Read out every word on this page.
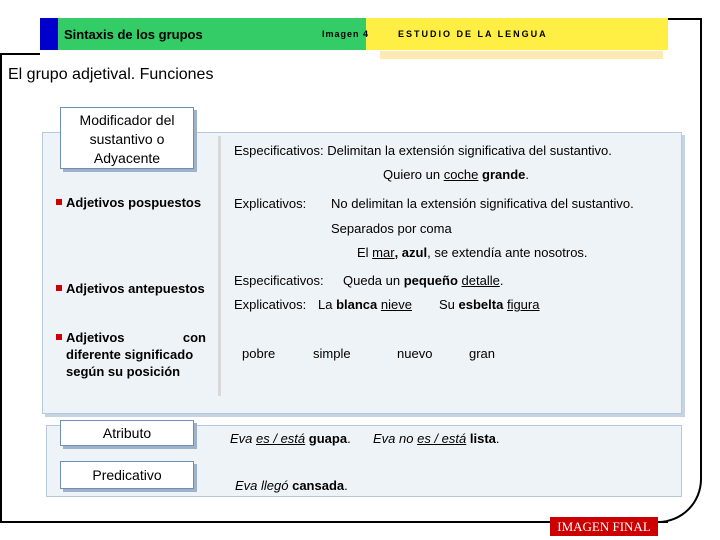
Sintaxis de los grupos	Imagen 4	ESTUDIO DE LA LENGUA
El grupo adjetival. Funciones
Modificador del
sustantivo o
Adyacente	Especificativos: Delimitan la extensión significativa del sustantivo.
Quiero un coche grande.
Adjetivos pospuestos	Explicativos: No delimitan la extensión significativa del sustantivo.
Separados por coma
El mar, azul, se extendía ante nosotros.
Adjetivos antepuestos
Especificativos: Queda un pequeño detalle.
Explicativos: La blanca nieve Su esbelta figura
Adjetivos con
diferente significado
según su posición
pobre	simple	nuevo	gran
Atributo	Eva es / está guapa. Eva no es / está lista.
Predicativo
Eva llegó cansada.
IMAGEN FINAL
